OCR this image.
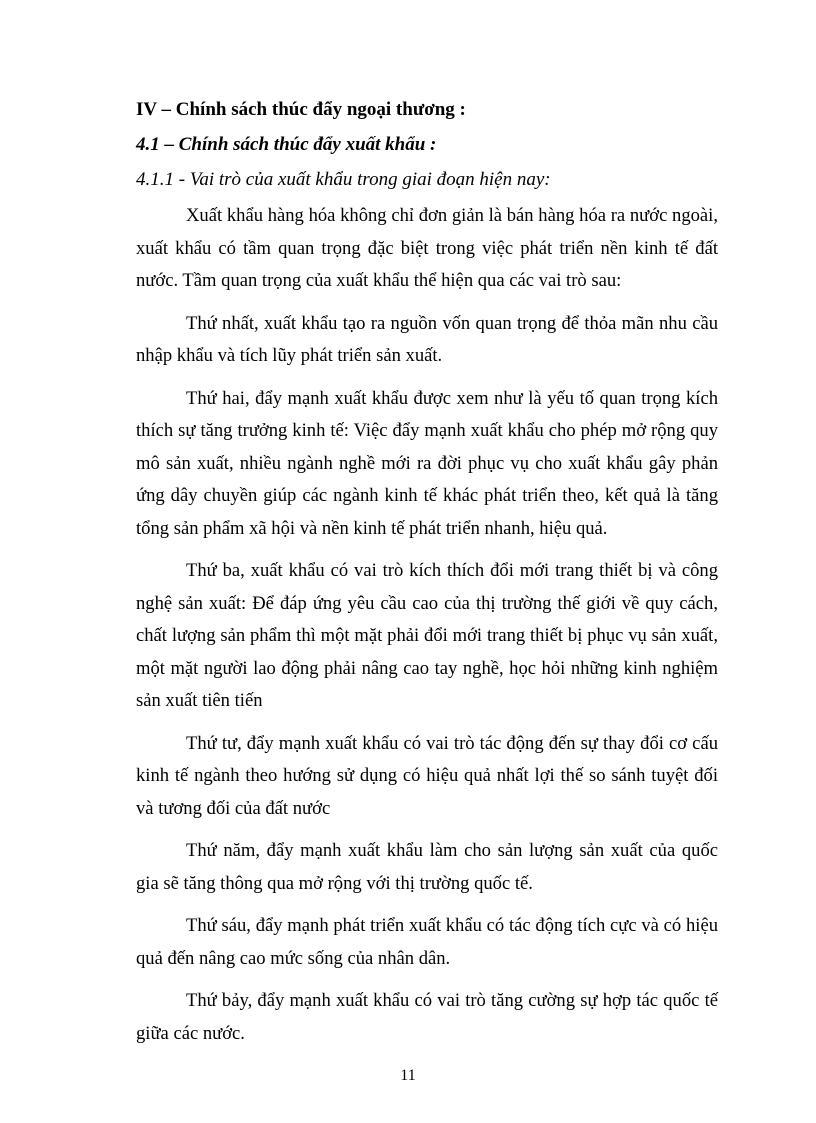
IV – Chính sách thúc đẩy ngoại thương :

4.1 – Chính sách thúc đẩy xuất khẩu :

4.1.1 - Vai trò của xuất khẩu trong giai đoạn hiện nay:

Xuất khẩu hàng hóa không chỉ đơn giản là bán hàng hóa ra nước ngoài, xuất khẩu có tầm quan trọng đặc biệt trong việc phát triển nền kinh tế đất nước. Tầm quan trọng của xuất khẩu thể hiện qua các vai trò sau:

Thứ nhất, xuất khẩu tạo ra nguồn vốn quan trọng để thỏa mãn nhu cầu nhập khẩu và tích lũy phát triển sản xuất.

Thứ hai, đẩy mạnh xuất khẩu được xem như là yếu tố quan trọng kích thích sự tăng trưởng kinh tế: Việc đẩy mạnh xuất khẩu cho phép mở rộng quy mô sản xuất, nhiều ngành nghề mới ra đời phục vụ cho xuất khẩu gây phản ứng dây chuyền giúp các ngành kinh tế khác phát triển theo, kết quả là tăng tổng sản phẩm xã hội và nền kinh tế phát triển nhanh, hiệu quả.

Thứ ba, xuất khẩu có vai trò kích thích đổi mới trang thiết bị và công nghệ sản xuất: Để đáp ứng yêu cầu cao của thị trường thế giới về quy cách, chất lượng sản phẩm thì một mặt phải đổi mới trang thiết bị phục vụ sản xuất, một mặt người lao động phải nâng cao tay nghề, học hỏi những kinh nghiệm sản xuất tiên tiến

Thứ tư, đẩy mạnh xuất khẩu có vai trò tác động đến sự thay đổi cơ cấu kinh tế ngành theo hướng sử dụng có hiệu quả nhất lợi thế so sánh tuyệt đối và tương đối của đất nước

Thứ năm, đẩy mạnh xuất khẩu làm cho sản lượng sản xuất của quốc gia sẽ tăng thông qua mở rộng với thị trường quốc tế.

Thứ sáu, đẩy mạnh phát triển xuất khẩu có tác động tích cực và có hiệu quả đến nâng cao mức sống của nhân dân.

Thứ bảy, đẩy mạnh xuất khẩu có vai trò tăng cường sự hợp tác quốc tế giữa các nước.

11
